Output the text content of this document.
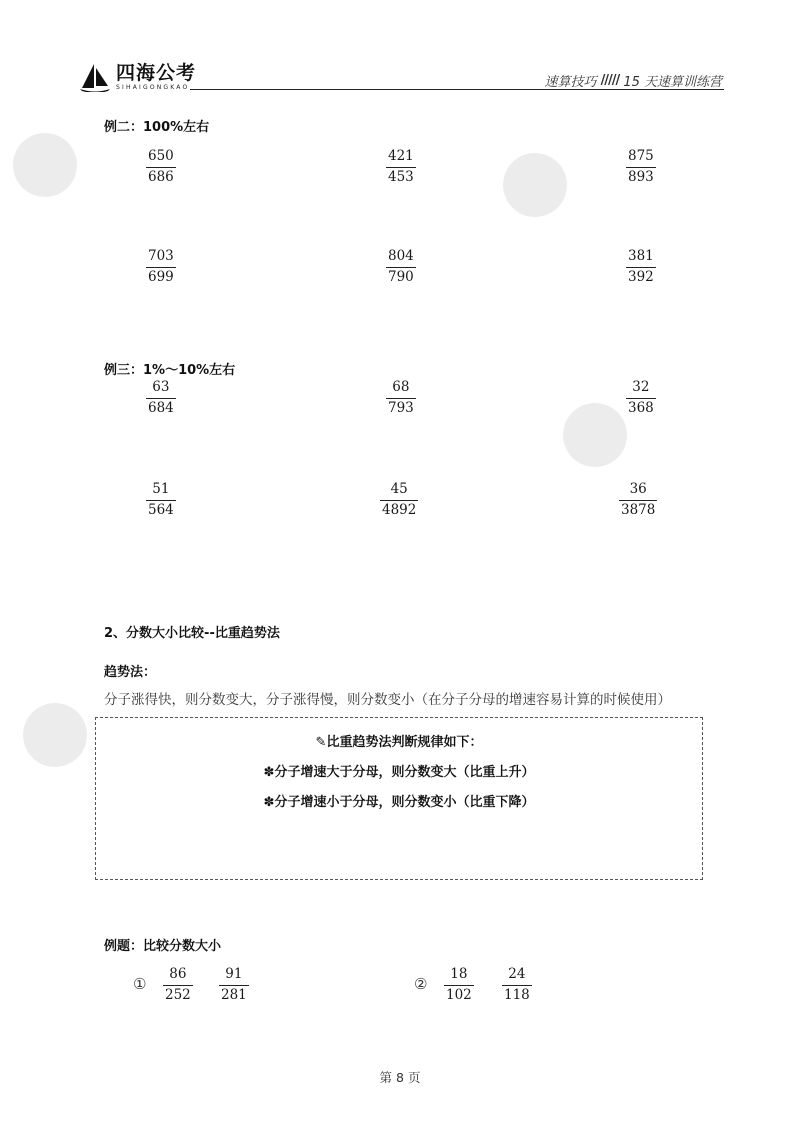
四海公考
SIHAIGONGKAO	速算技巧 ///// 15 天速算训练营
例二：100%左右
$\frac{650}{686}$	$\frac{421}{453}$	$\frac{875}{893}$
$\frac{703}{699}$	$\frac{804}{790}$	$\frac{381}{392}$
例三：1%～10%左右
$\frac{63}{684}$	$\frac{68}{793}$	$\frac{32}{368}$
$\frac{51}{564}$	$\frac{45}{4892}$	$\frac{36}{3878}$
2、分数大小比较--比重趋势法
趋势法：
分子涨得快，则分数变大，分子涨得慢，则分数变小（在分子分母的增速容易计算的时候使用）
✎比重趋势法判断规律如下：
✽分子增速大于分母，则分数变大（比重上升）
✽分子增速小于分母，则分数变小（比重下降）
例题：比较分数大小
① $\frac{86}{252} \frac{91}{281}$	② $\frac{18}{102} \frac{24}{118}$
第 8 页
